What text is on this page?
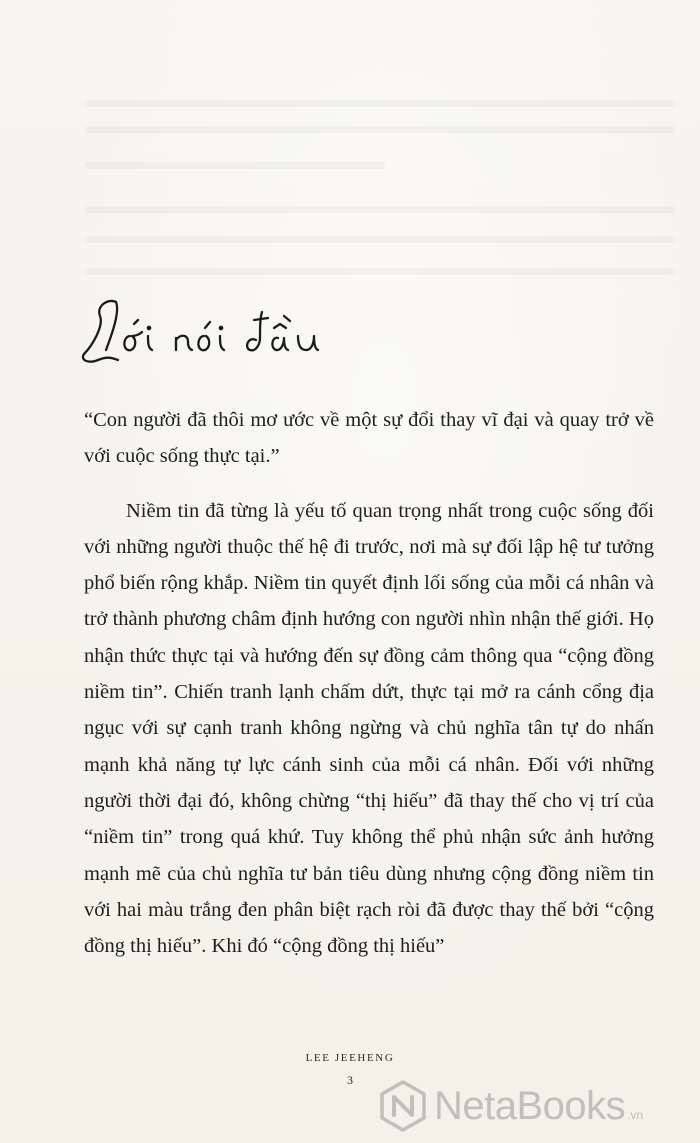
“Con người đã thôi mơ ước về một sự đổi thay vĩ đại và quay trở về với cuộc sống thực tại.”

Niềm tin đã từng là yếu tố quan trọng nhất trong cuộc sống đối với những người thuộc thế hệ đi trước, nơi mà sự đối lập hệ tư tưởng phổ biến rộng khắp. Niềm tin quyết định lối sống của mỗi cá nhân và trở thành phương châm định hướng con người nhìn nhận thế giới. Họ nhận thức thực tại và hướng đến sự đồng cảm thông qua “cộng đồng niềm tin”. Chiến tranh lạnh chấm dứt, thực tại mở ra cánh cổng địa ngục với sự cạnh tranh không ngừng và chủ nghĩa tân tự do nhấn mạnh khả năng tự lực cánh sinh của mỗi cá nhân. Đối với những người thời đại đó, không chừng “thị hiếu” đã thay thế cho vị trí của “niềm tin” trong quá khứ. Tuy không thể phủ nhận sức ảnh hưởng mạnh mẽ của chủ nghĩa tư bản tiêu dùng nhưng cộng đồng niềm tin với hai màu trắng đen phân biệt rạch ròi đã được thay thế bởi “cộng đồng thị hiếu”. Khi đó “cộng đồng thị hiếu”

LEE JEEHENG
3
NetaBooks .vn
